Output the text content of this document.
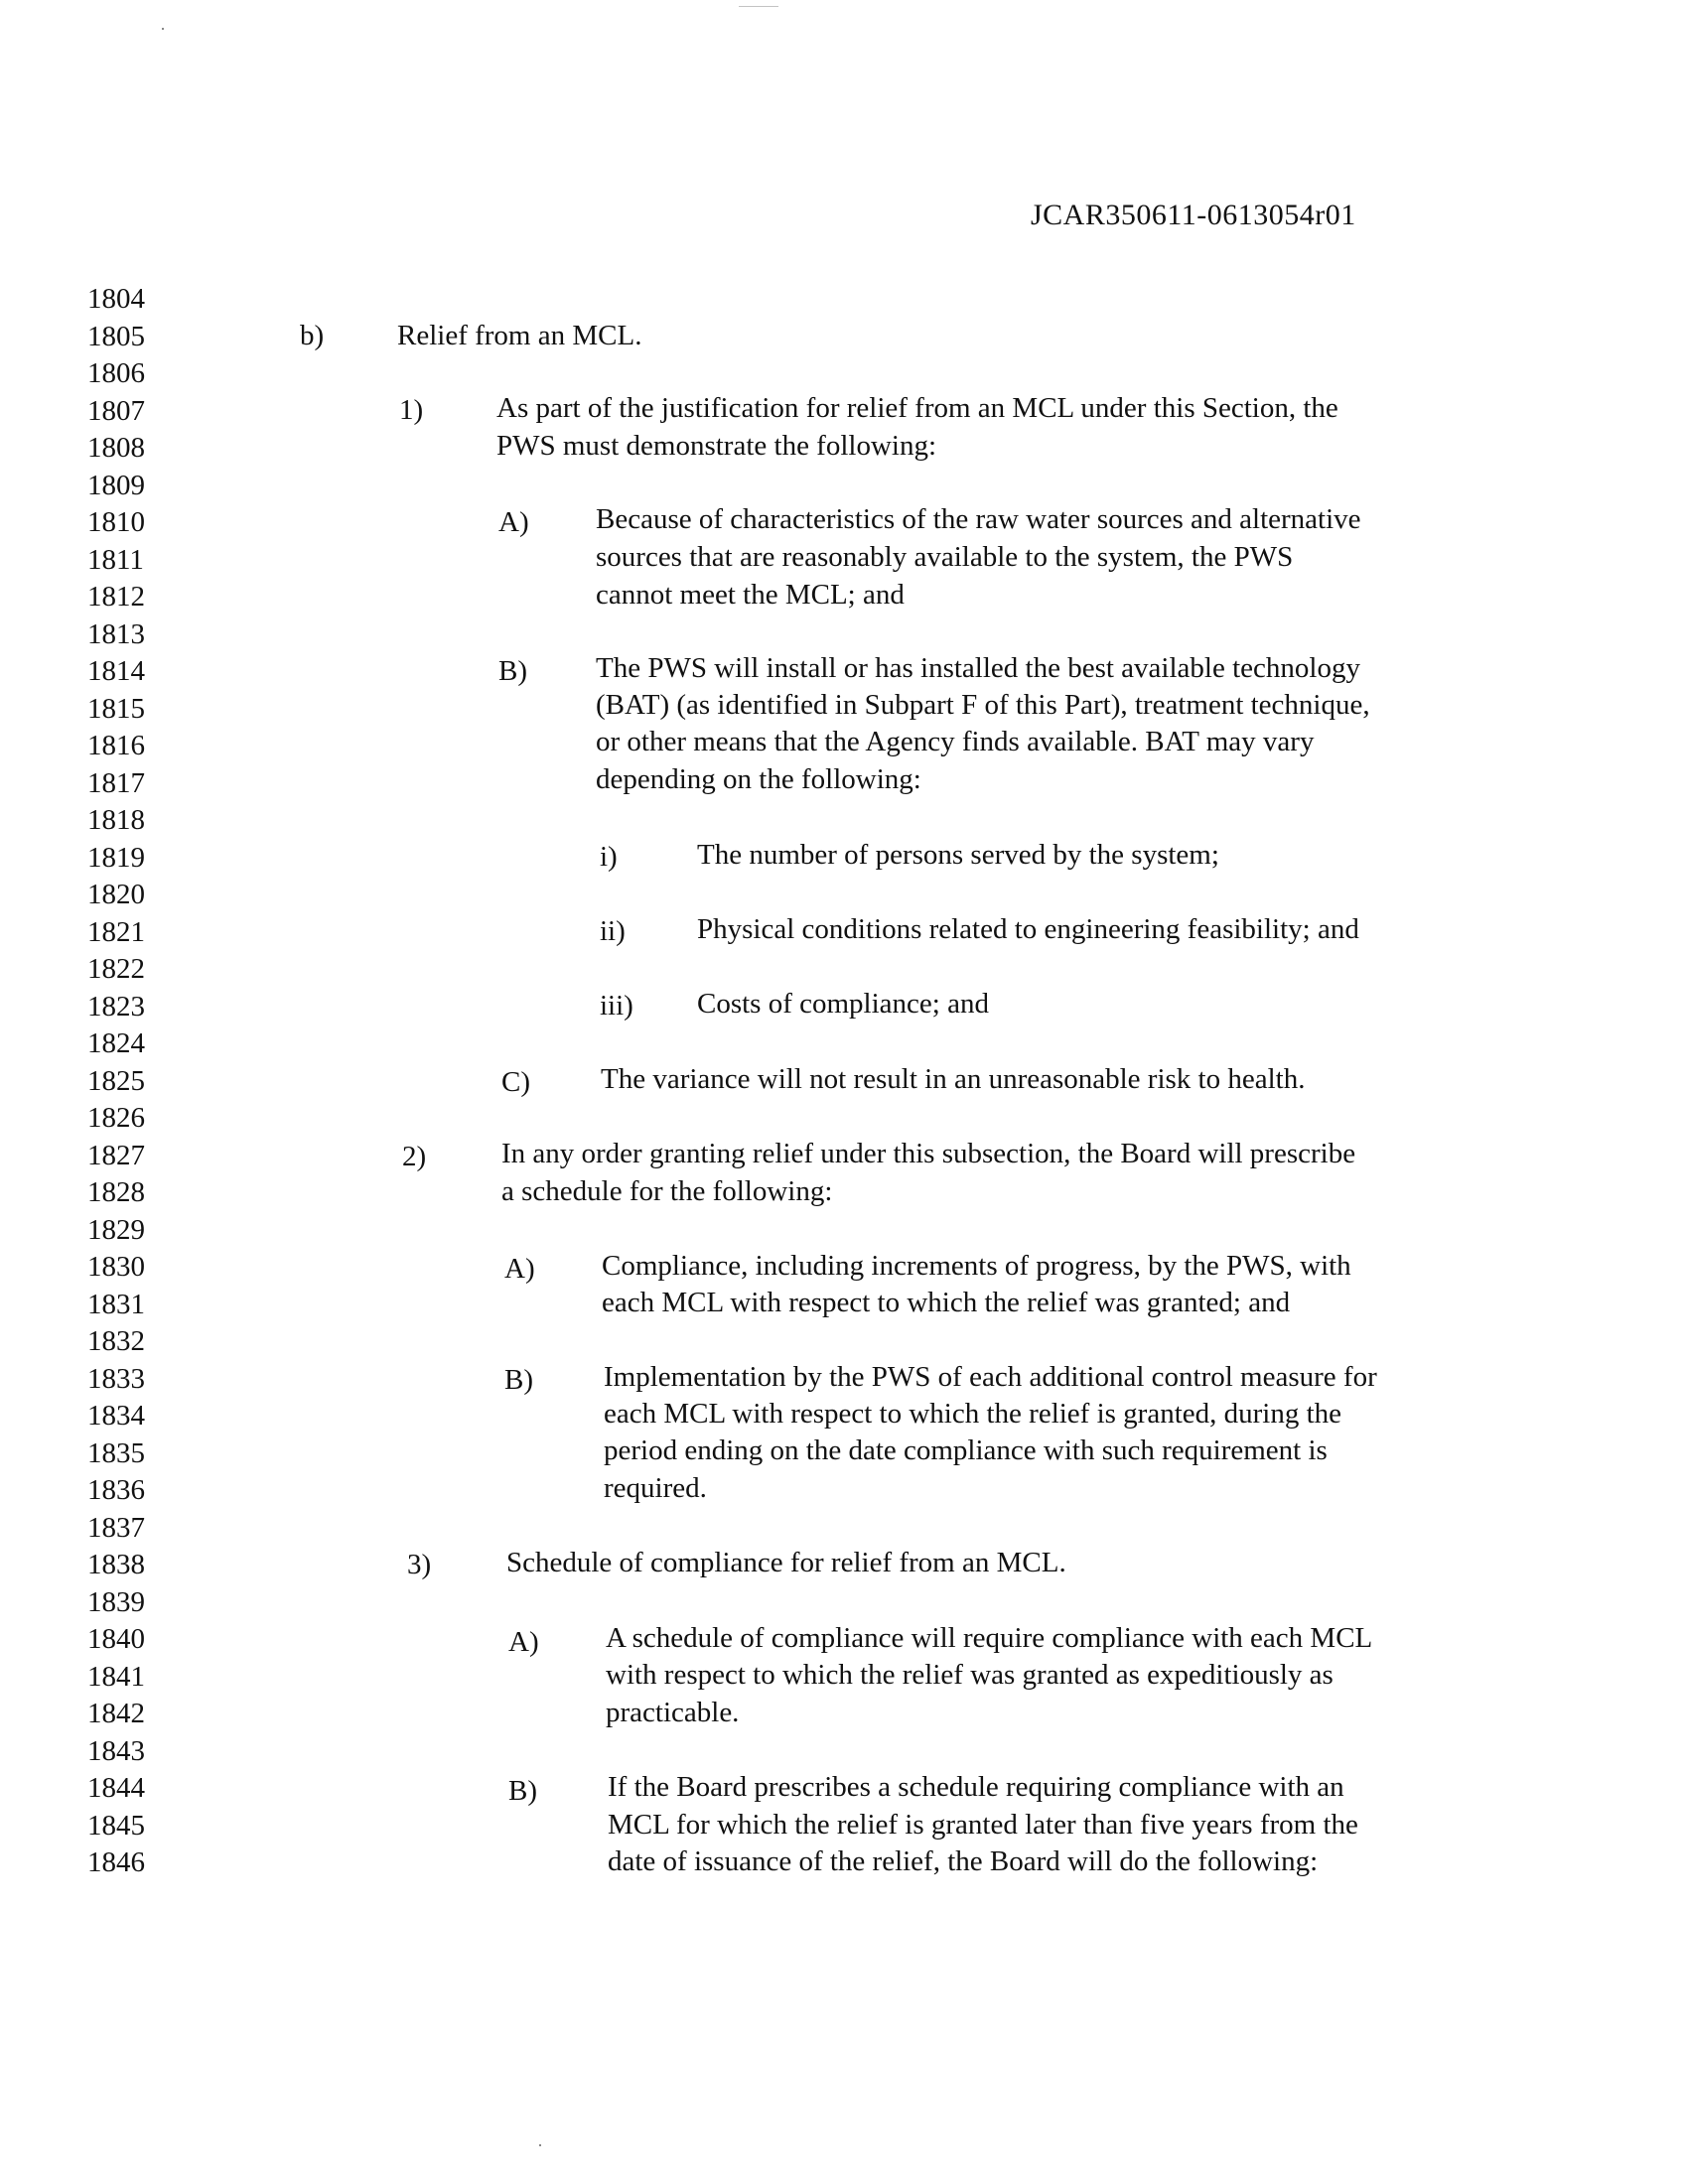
JCAR350611-0613054r01
1804
1805
1806
1807
1808
1809
1810
1811
1812
1813
1814
1815
1816
1817
1818
1819
1820
1821
1822
1823
1824
1825
1826
1827
1828
1829
1830
1831
1832
1833
1834
1835
1836
1837
1838
1839
1840
1841
1842
1843
1844
1845
1846
b)	Relief from an MCL.
1)	As part of the justification for relief from an MCL under this Section, the
PWS must demonstrate the following:
A) Because of characteristics of the raw water sources and alternative
sources that are reasonably available to the system, the PWS
cannot meet the MCL; and
B) The PWS will install or has installed the best available technology
(BAT) (as identified in Subpart F of this Part), treatment technique,
or other means that the Agency finds available. BAT may vary
depending on the following:
i)	The number of persons served by the system;
ii) Physical conditions related to engineering feasibility; and
iii) Costs of compliance; and
C) The variance will not result in an unreasonable risk to health.
2)	In any order granting relief under this subsection, the Board will prescribe
a schedule for the following:
A) Compliance, including increments of progress, by the PWS, with
each MCL with respect to which the relief was granted; and
B) Implementation by the PWS of each additional control measure for
each MCL with respect to which the relief is granted, during the
period ending on the date compliance with such requirement is
required.
3)	Schedule of compliance for relief from an MCL.
A) A schedule of compliance will require compliance with each MCL
with respect to which the relief was granted as expeditiously as
practicable.
B) If the Board prescribes a schedule requiring compliance with an
MCL for which the relief is granted later than five years from the
date of issuance of the relief, the Board will do the following:
